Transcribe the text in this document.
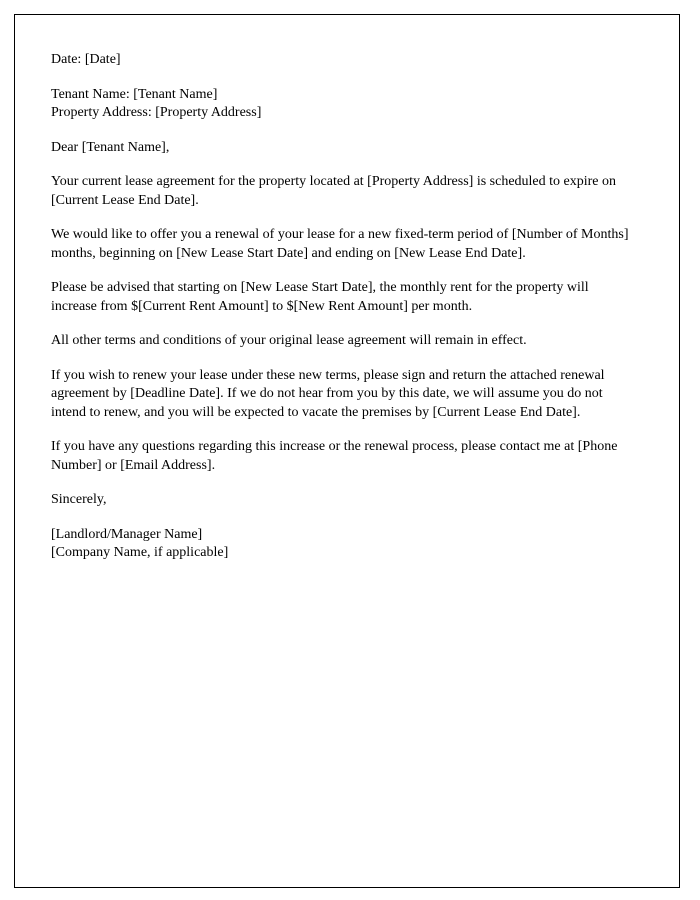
Date: [Date]

Tenant Name: [Tenant Name]

Property Address: [Property Address]

Dear [Tenant Name],

Your current lease agreement for the property located at [Property Address] is scheduled to expire on [Current Lease End Date].

We would like to offer you a renewal of your lease for a new fixed-term period of [Number of Months] months, beginning on [New Lease Start Date] and ending on [New Lease End Date].

Please be advised that starting on [New Lease Start Date], the monthly rent for the property will increase from $[Current Rent Amount] to $[New Rent Amount] per month.

All other terms and conditions of your original lease agreement will remain in effect.

If you wish to renew your lease under these new terms, please sign and return the attached renewal agreement by [Deadline Date]. If we do not hear from you by this date, we will assume you do not intend to renew, and you will be expected to vacate the premises by [Current Lease End Date].

If you have any questions regarding this increase or the renewal process, please contact me at [Phone Number] or [Email Address].

Sincerely,

[Landlord/Manager Name]

[Company Name, if applicable]
